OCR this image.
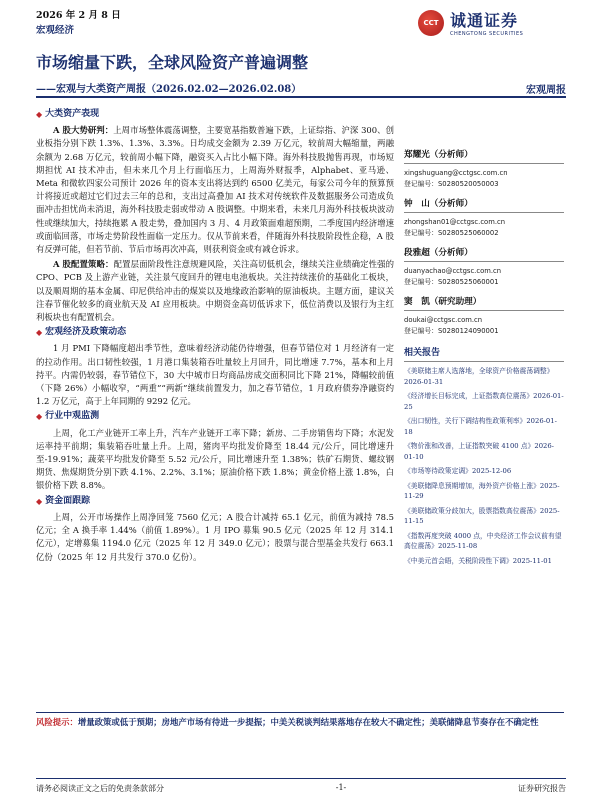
2026 年 2 月 8 日
宏观经济
CCT 诚通证券
CHENGTONG SECURITIES
市场缩量下跌，全球风险资产普遍调整
——宏观与大类资产周报（2026.02.02—2026.02.08）	宏观周报
◆ 大类资产表现

A 股大势研判：上周市场整体震荡调整，主要宽基指数普遍下跌，上证综指、沪深 300、创业板指分别下跌 1.3%、1.3%、3.3%。日均成交金额为 2.39 万亿元，较前周大幅缩量，两融余额为 2.68 万亿元，较前周小幅下降，融资买入占比小幅下降。海外科技股抛售再现，市场短期担忧 AI 技术冲击，但未来几个月上行面临压力，上周海外财报季，Alphabet、亚马逊、Meta 和微软四家公司预计 2026 年的资本支出将达到约 6500 亿美元，每家公司今年的预算预计将接近或超过它们过去三年的总和，支出过高叠加 AI 技术对传统软件及数据服务公司造成负面冲击担忧尚未消退，海外科技股走弱或带动 A 股调整。中期来看，未来几月海外科技板块波动性或继续加大，持续拖累 A 股走势，叠加国内 3 月、4 月政策面难超预期，二季度国内经济增速或面临回落，市场走势阶段性面临一定压力。仅从节前来看，伴随海外科技股阶段性企稳，A 股有反弹可能，但若节前、节后市场再次冲高，则获利资金或有减仓诉求。

A 股配置策略：配置层面阶段性注意规避风险，关注高切低机会，继续关注业绩确定性强的 CPO、PCB 及上游产业链，关注景气度回升的锂电电池板块。关注持续涨价的基础化工板块，以及顺周期的基本金属、印尼供给冲击的煤炭以及地缘政治影响的原油板块。主题方面，建议关注春节催化较多的商业航天及 AI 应用板块。中期资金高切低诉求下，低位消费以及银行为主红利板块也有配置机会。

◆ 宏观经济及政策动态

1 月 PMI 下降幅度超出季节性，意味着经济动能仍待增强，但春节错位对 1 月经济有一定的拉动作用。出口韧性较强，1 月港口集装箱吞吐量较上月回升，同比增速 7.7%，基本和上月持平。内需仍较弱，春节错位下，30 大中城市日均商品房成交面积同比下降 21%，降幅较前值（下降 26%）小幅收窄，“两重”“两新”继续前置发力，加之春节错位，1 月政府债券净融资约 1.2 万亿元，高于上年同期的 9292 亿元。

◆ 行业中观监测

上周，化工产业链开工率上升，汽车产业链开工率下降；新房、二手房销售均下降；水泥发运率持平前期；集装箱吞吐量上升。上周，猪肉平均批发价降至 18.44 元/公斤，同比增速升至-19.91%；蔬菜平均批发价降至 5.52 元/公斤，同比增速升至 1.38%；铁矿石期货、螺纹钢期货、焦煤期货分别下跌 4.1%、2.2%、3.1%；原油价格下跌 1.8%；黄金价格上涨 1.8%，白银价格下跌 8.8%。

◆ 资金面跟踪

上周，公开市场操作上周净回笼 7560 亿元；A 股合计减持 65.1 亿元，前值为减持 78.5 亿元；全 A 换手率 1.44%（前值 1.89%）。1 月 IPO 募集 90.5 亿元（2025 年 12 月 314.1 亿元），定增募集 1194.0 亿元（2025 年 12 月 349.0 亿元）；股票与混合型基金共发行 663.1 亿份（2025 年 12 月共发行 370.0 亿份）。

郑耀光（分析师）
xingshuguang@cctgsc.com.cn
登记编号：S0280520050003
钟　山（分析师）
zhongshan01@cctgsc.com.cn
登记编号：S0280525060002
段雅超（分析师）
duanyachao@cctgsc.com.cn
登记编号：S0280525060001
窦　凯（研究助理）
doukai@cctgsc.com.cn
登记编号：S0280124090001
相关报告
《美联储主席人选落地，全球资产价格震荡调整》2026-01-31
《经济增长目标完成，上证指数高位震荡》2026-01-25
《出口韧性，关行下调结构性政策利率》2026-01-18
《物价涨和改善，上证指数突破 4100 点》2026-01-10
《市场等待政策定调》2025-12-06
《美联储降息预期增加，海外资产价格上涨》2025-11-29
《美联储政策分歧加大，股票指数高位震荡》2025-11-15
《指数再度突破 4000 点，中央经济工作会议前有望高位震荡》2025-11-08
《中美元首会晤，关税阶段性下调》2025-11-01
风险提示：增量政策或低于预期；房地产市场有待进一步提振；中美关税谈判结果落地存在较大不确定性；美联储降息节奏存在不确定性
请务必阅读正文之后的免责条款部分	-1-	证券研究报告
